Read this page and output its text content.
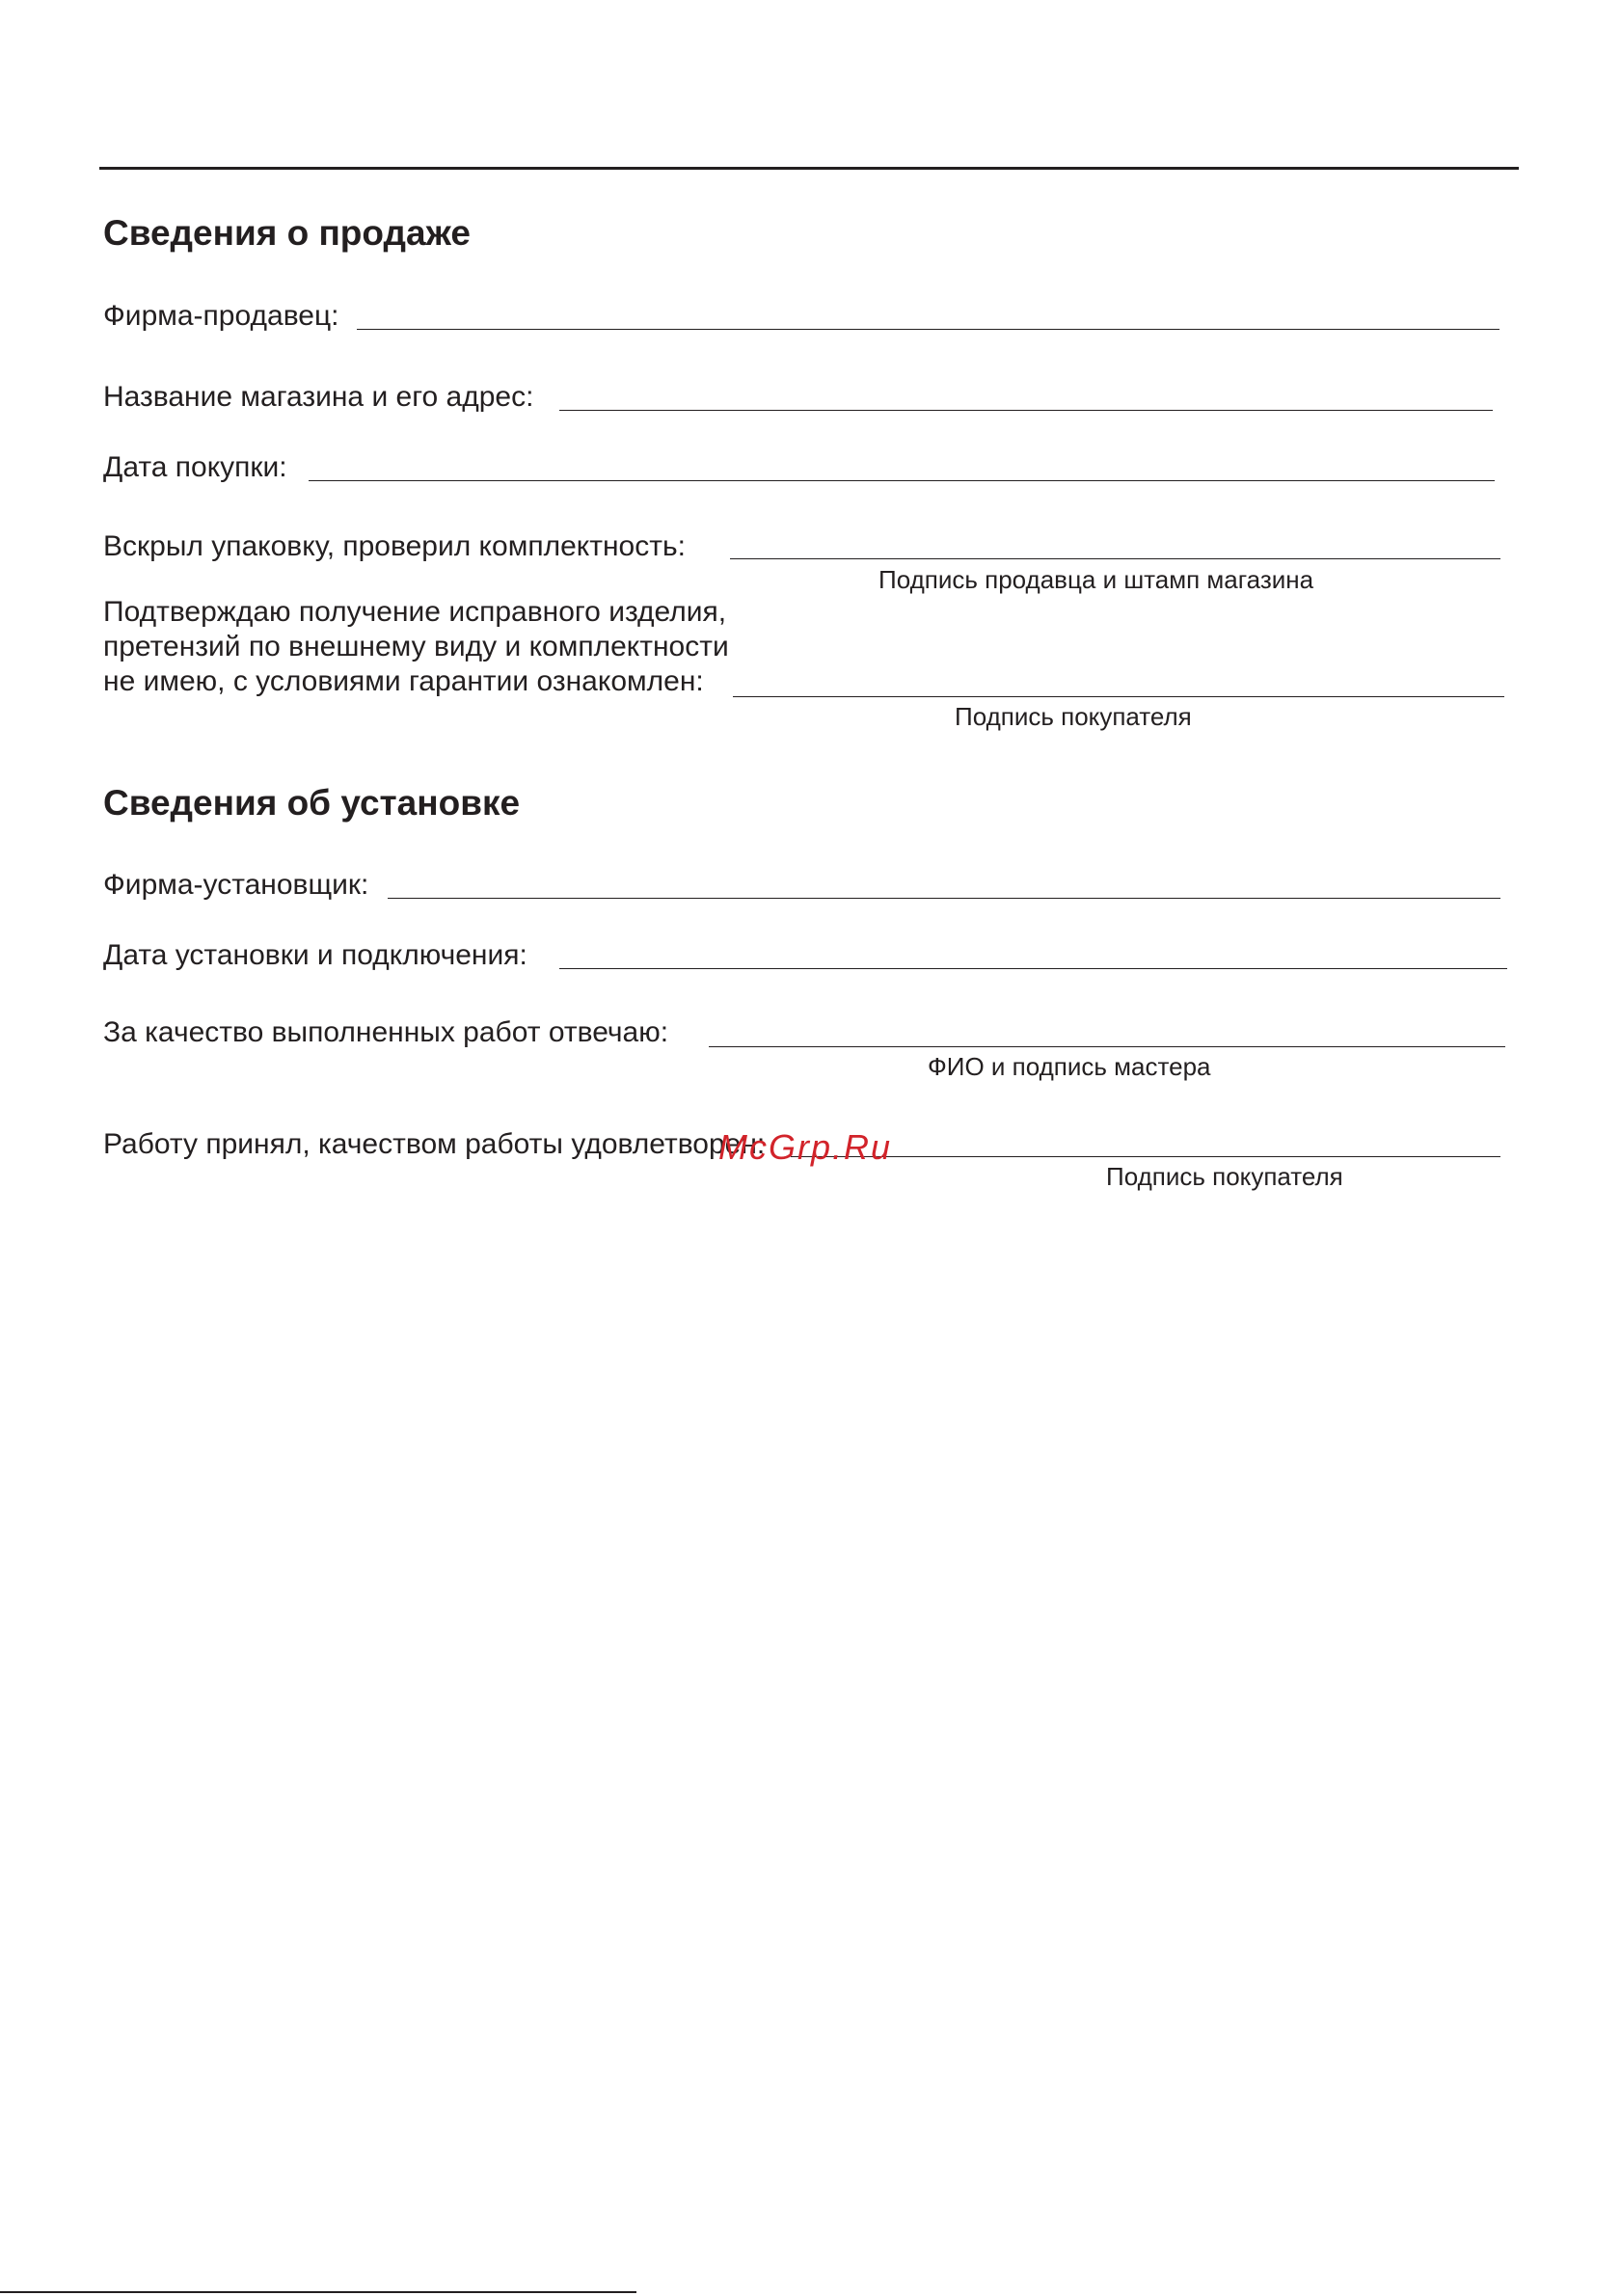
Сведения о продаже
Фирма-продавец:
Название магазина и его адрес:
Дата покупки:
Вскрыл упаковку, проверил комплектность:
Подпись продавца и штамп магазина
Подтверждаю получение исправного изделия,
претензий по внешнему виду и комплектности
не имею, с условиями гарантии ознакомлен:
Подпись покупателя
Сведения об установке
Фирма-установщик:
Дата установки и подключения:
За качество выполненных работ отвечаю:
ФИО и подпись мастера
Работу принял, качеством работы удовлетворен:
Подпись покупателя
McGrp.Ru
